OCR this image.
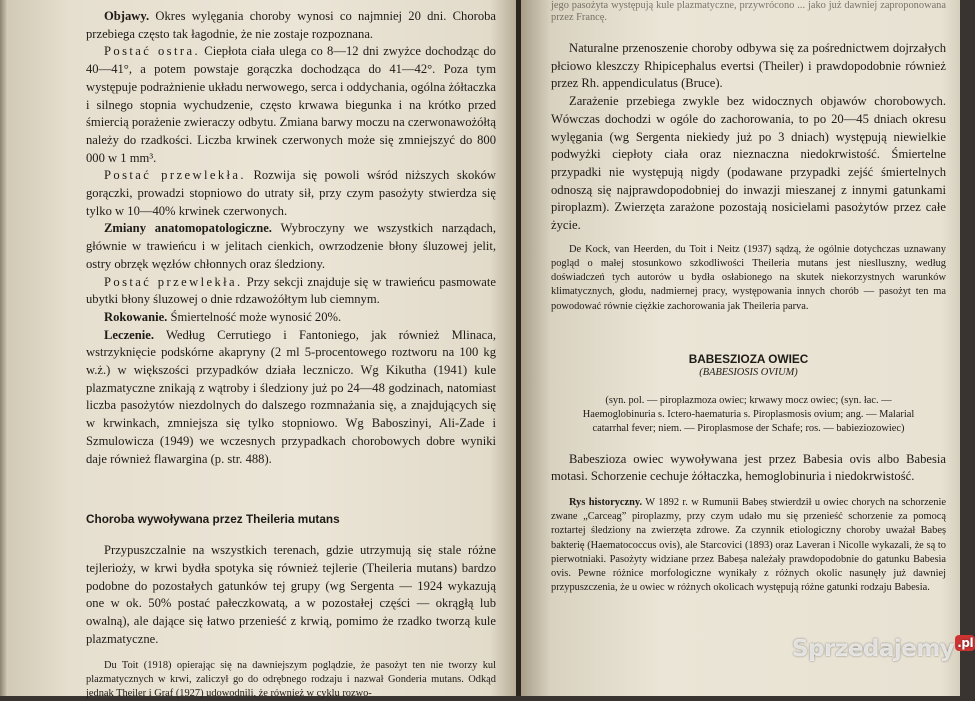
Objawy. Okres wylęgania choroby wynosi co najmniej 20 dni. Choroba przebiega często tak łagodnie, że nie zostaje rozpoznana.

Postać ostra. Ciepłota ciała ulega co 8—12 dni zwyżce dochodząc do 40—41°, a potem powstaje gorączka dochodząca do 41—42°. Poza tym występuje podrażnienie układu nerwowego, serca i oddychania, ogólna żółtaczka i silnego stopnia wychudzenie, często krwawa biegunka i na krótko przed śmiercią porażenie zwieraczy odbytu. Zmiana barwy moczu na czerwonawożółtą należy do rzadkości. Liczba krwinek czerwonych może się zmniejszyć do 800 000 w 1 mm³.

Postać przewlekła. Rozwija się powoli wśród niższych skoków gorączki, prowadzi stopniowo do utraty sił, przy czym pasożyty stwierdza się tylko w 10—40% krwinek czerwonych.

Zmiany anatomopatologiczne. Wybroczyny we wszystkich narządach, głównie w trawieńcu i w jelitach cienkich, owrzodzenie błony śluzowej jelit, ostry obrzęk węzłów chłonnych oraz śledziony.

Postać przewlekła. Przy sekcji znajduje się w trawieńcu pasmowate ubytki błony śluzowej o dnie rdzawożółtym lub ciemnym.

Rokowanie. Śmiertelność może wynosić 20%.

Leczenie. Według Cerrutiego i Fantoniego, jak również Mlinaca, wstrzyknięcie podskórne akapryny (2 ml 5-procentowego roztworu na 100 kg w.ż.) w większości przypadków działa leczniczo. Wg Kikutha (1941) kule plazmatyczne znikają z wątroby i śledziony już po 24—48 godzinach, natomiast liczba pasożytów niezdolnych do dalszego rozmnażania się, a znajdujących się w krwinkach, zmniejsza się tylko stopniowo. Wg Baboszinyi, Ali-Zade i Szmulowicza (1949) we wczesnych przypadkach chorobowych dobre wyniki daje również flawargina (p. str. 488).

Choroba wywoływana przez Theileria mutans

Przypuszczalnie na wszystkich terenach, gdzie utrzymują się stale różne tejlerioży, w krwi bydła spotyka się również tejlerie (Theileria mutans) bardzo podobne do pozostałych gatunków tej grupy (wg Sergenta — 1924 wykazują one w ok. 50% postać pałeczkowatą, a w pozostałej części — okrągłą lub owalną), ale dające się łatwo przenieść z krwią, pomimo że rzadko tworzą kule plazmatyczne.

Du Toit (1918) opierając się na dawniejszym poglądzie, że pasożyt ten nie tworzy kul plazmatycznych w krwi, zaliczył go do odrębnego rodzaju i nazwał Gonderia mutans. Odkąd jednak Theiler i Graf (1927) udowodnili, że również w cyklu rozwo-

jego pasożyta występują kule plazmatyczne, przywrócono ... jako już dawniej zaproponowana przez Francę.

Naturalne przenoszenie choroby odbywa się za pośrednictwem dojrzałych płciowo kleszczy Rhipicephalus evertsi (Theiler) i prawdopodobnie również przez Rh. appendiculatus (Bruce).

Zarażenie przebiega zwykle bez widocznych objawów chorobowych. Wówczas dochodzi w ogóle do zachorowania, to po 20—45 dniach okresu wylęgania (wg Sergenta niekiedy już po 3 dniach) występują niewielkie podwyżki ciepłoty ciała oraz nieznaczna niedokrwistość. Śmiertelne przypadki nie występują nigdy (podawane przypadki zejść śmiertelnych odnoszą się najprawdopodobniej do inwazji mieszanej z innymi gatunkami piroplazm). Zwierzęta zarażone pozostają nosicielami pasożytów przez całe życie.

De Kock, van Heerden, du Toit i Neitz (1937) sądzą, że ogólnie dotychczas uznawany pogląd o małej stosunkowo szkodliwości Theileria mutans jest nieslluszny, według doświadczeń tych autorów u bydła osłabionego na skutek niekorzystnych warunków klimatycznych, głodu, nadmiernej pracy, występowania innych chorób — pasożyt ten ma powodować równie ciężkie zachorowania jak Theileria parva.

BABESZIOZA OWIEC

(BABESIOSIS OVIUM)

(syn. pol. — piroplazmoza owiec; krwawy mocz owiec; (syn. łac. — Haemoglobinuria s. Ictero-haematuria s. Piroplasmosis ovium; ang. — Malarial catarrhal fever; niem. — Piroplasmose der Schafe; ros. — babieziozowiec)

Babeszioza owiec wywoływana jest przez Babesia ovis albo Babesia motasi. Schorzenie cechuje żółtaczka, hemoglobinuria i niedokrwistość.

Rys historyczny. W 1892 r. w Rumunii Babeș stwierdził u owiec chorych na schorzenie zwane „Carceag” piroplazmy, przy czym udało mu się przenieść schorzenie za pomocą roztartej śledziony na zwierzęta zdrowe. Za czynnik etiologiczny choroby uważał Babeș bakterię (Haematococcus ovis), ale Starcovici (1893) oraz Laveran i Nicolle wykazali, że są to pierwotniaki. Pasożyty widziane przez Babeșa należały prawdopodobnie do gatunku Babesia ovis. Pewne różnice morfologiczne wynikały z różnych okolic nasunęły już dawniej przypuszczenia, że u owiec w różnych okolicach występują różne gatunki rodzaju Babesia.

Sprzedajemy $^{.pl}$
